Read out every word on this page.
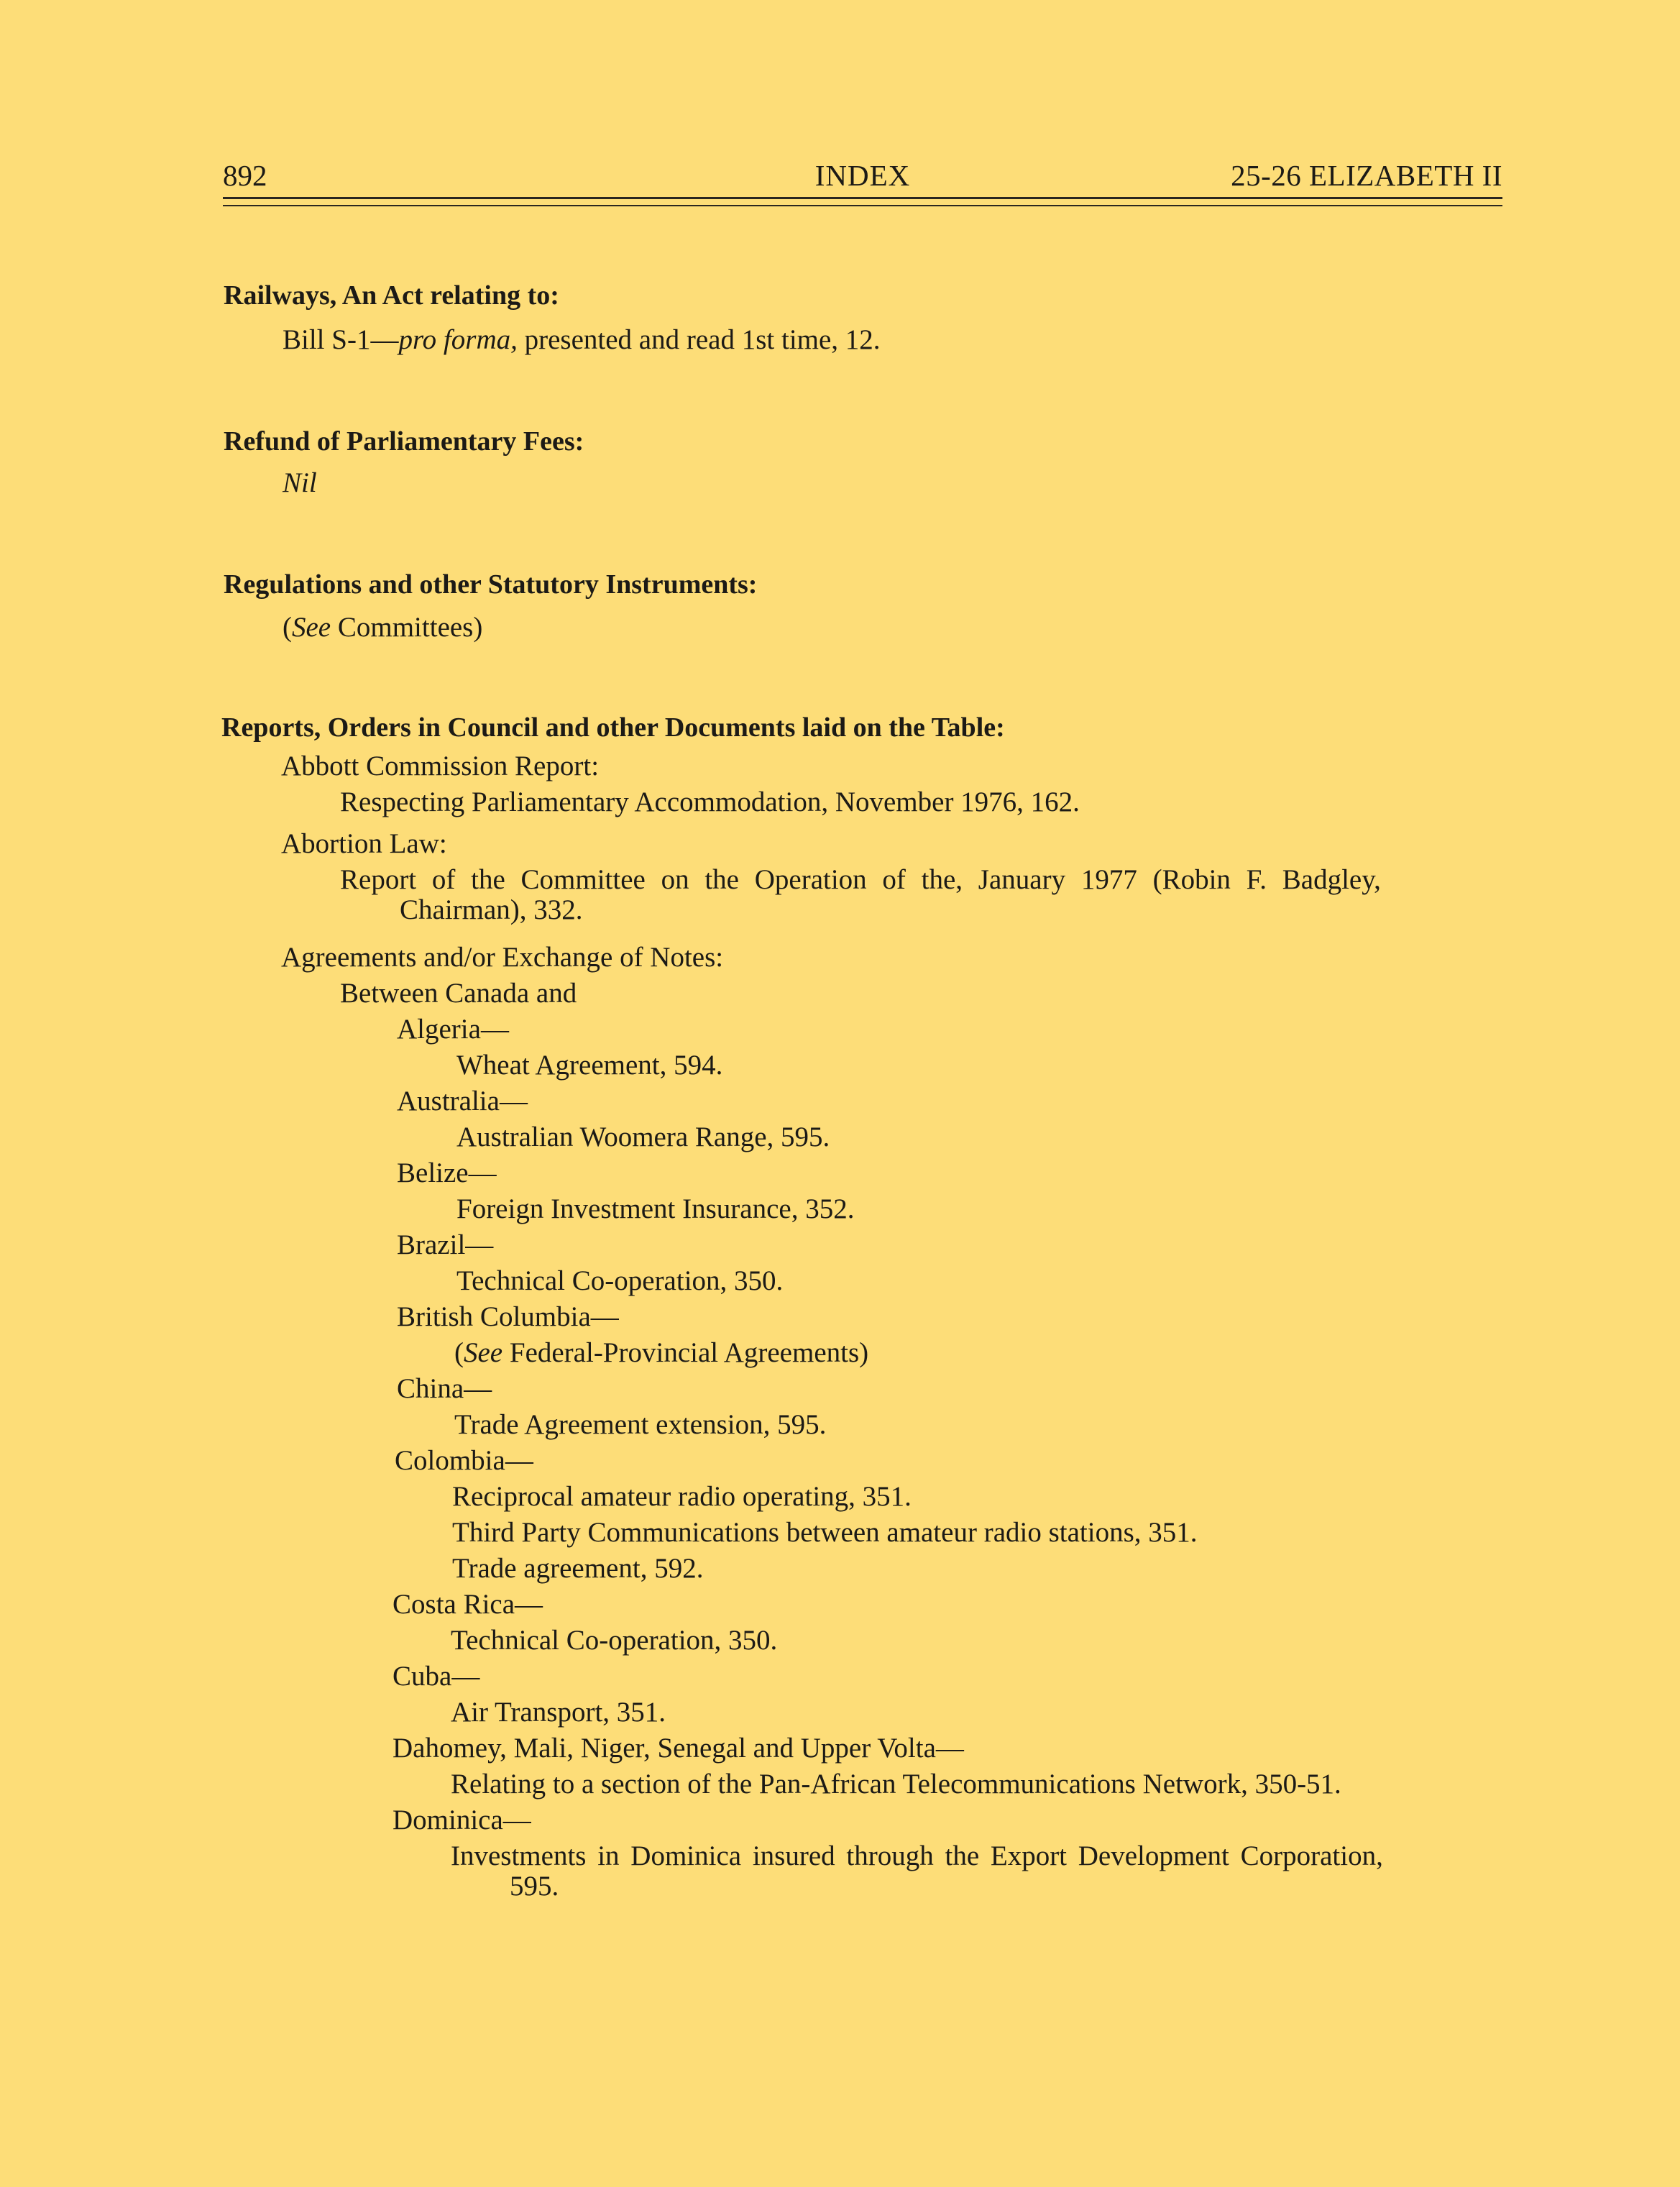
892	INDEX	25-26 ELIZABETH II
Railways, An Act relating to:
Bill S-1—pro forma, presented and read 1st time, 12.
Refund of Parliamentary Fees:
Nil
Regulations and other Statutory Instruments:
(See Committees)
Reports, Orders in Council and other Documents laid on the Table:
Abbott Commission Report:
Respecting Parliamentary Accommodation, November 1976, 162.
Abortion Law:
Report of the Committee on the Operation of the, January 1977 (Robin F. Badgley,
Chairman), 332.
Agreements and/or Exchange of Notes:
Between Canada and
Algeria—
Wheat Agreement, 594.
Australia—
Australian Woomera Range, 595.
Belize—
Foreign Investment Insurance, 352.
Brazil—
Technical Co-operation, 350.
British Columbia—
(See Federal-Provincial Agreements)
China—
Trade Agreement extension, 595.
Colombia—
Reciprocal amateur radio operating, 351.
Third Party Communications between amateur radio stations, 351.
Trade agreement, 592.
Costa Rica—
Technical Co-operation, 350.
Cuba—
Air Transport, 351.
Dahomey, Mali, Niger, Senegal and Upper Volta—
Relating to a section of the Pan-African Telecommunications Network, 350-51.
Dominica—
Investments in Dominica insured through the Export Development Corporation,
595.
